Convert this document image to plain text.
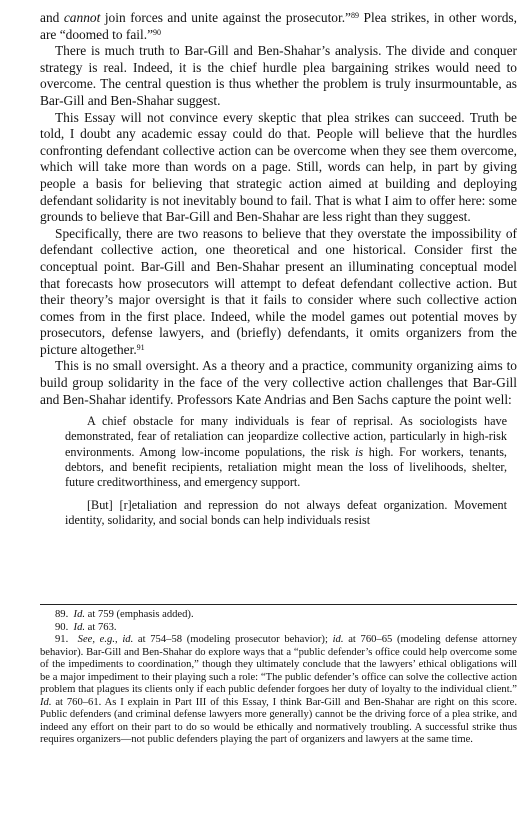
and cannot join forces and unite against the prosecutor.”$^{89}$ Plea strikes, in other words, are “doomed to fail.”$^{90}$

There is much truth to Bar-Gill and Ben-Shahar’s analysis. The divide and conquer strategy is real. Indeed, it is the chief hurdle plea bargaining strikes would need to overcome. The central question is thus whether the problem is truly insurmountable, as Bar-Gill and Ben-Shahar suggest.

This Essay will not convince every skeptic that plea strikes can succeed. Truth be told, I doubt any academic essay could do that. People will believe that the hurdles confronting defendant collective action can be overcome when they see them overcome, which will take more than words on a page. Still, words can help, in part by giving people a basis for believing that strategic action aimed at building and deploying defendant solidarity is not inevitably bound to fail. That is what I aim to offer here: some grounds to believe that Bar-Gill and Ben-Shahar are less right than they suggest.

Specifically, there are two reasons to believe that they overstate the impossibility of defendant collective action, one theoretical and one historical. Consider first the conceptual point. Bar-Gill and Ben-Shahar present an illuminating conceptual model that forecasts how prosecutors will attempt to defeat defendant collective action. But their theory’s major oversight is that it fails to consider where such collective action comes from in the first place. Indeed, while the model games out potential moves by prosecutors, defense lawyers, and (briefly) defendants, it omits organizers from the picture altogether.$^{91}$

This is no small oversight. As a theory and a practice, community organizing aims to build group solidarity in the face of the very collective action challenges that Bar-Gill and Ben-Shahar identify. Professors Kate Andrias and Ben Sachs capture the point well:

A chief obstacle for many individuals is fear of reprisal. As sociologists have demonstrated, fear of retaliation can jeopardize collective action, particularly in high-risk environments. Among low-income populations, the risk is high. For workers, tenants, debtors, and benefit recipients, retaliation might mean the loss of livelihoods, shelter, future creditworthiness, and emergency support.

[But] [r]etaliation and repression do not always defeat organization. Movement identity, solidarity, and social bonds can help individuals resist

89. Id. at 759 (emphasis added).

90. Id. at 763.

91. See, e.g., id. at 754–58 (modeling prosecutor behavior); id. at 760–65 (modeling defense attorney behavior). Bar-Gill and Ben-Shahar do explore ways that a “public defender’s office could help overcome some of the impediments to coordination,” though they ultimately conclude that the lawyers’ ethical obligations will be a major impediment to their playing such a role: “The public defender’s office can solve the collective action problem that plagues its clients only if each public defender forgoes her duty of loyalty to the individual client.” Id. at 760–61. As I explain in Part III of this Essay, I think Bar-Gill and Ben-Shahar are right on this score. Public defenders (and criminal defense lawyers more generally) cannot be the driving force of a plea strike, and indeed any effort on their part to do so would be ethically and normatively troubling. A successful strike thus requires organizers—not public defenders playing the part of organizers and lawyers at the same time.
